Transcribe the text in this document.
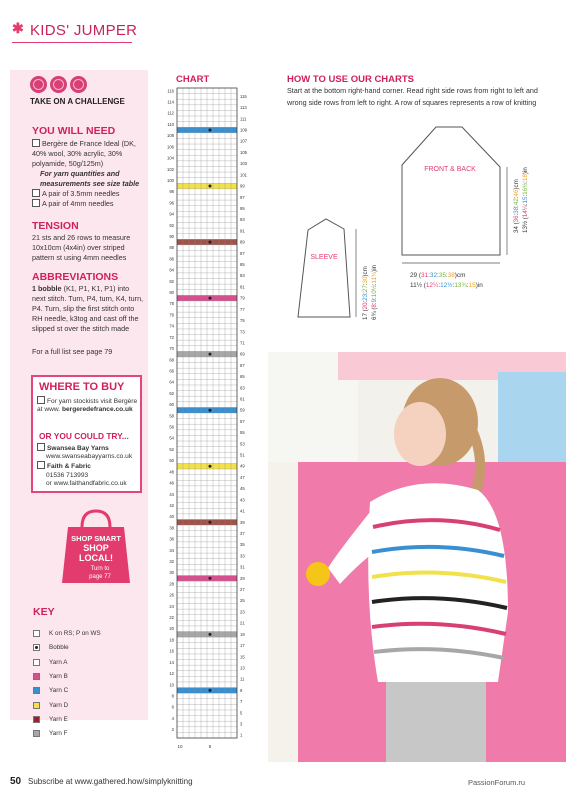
✱ KIDS' JUMPER
TAKE ON A CHALLENGE
YOU WILL NEED
Bergère de France Ideal (DK, 40% wool, 30% acrylic, 30% polyamide, 50g/125m)
For yarn quantities and measurements see size table
A pair of 3.5mm needles
A pair of 4mm needles
TENSION
21 sts and 26 rows to measure 10x10cm (4x4in) over striped pattern st using 4mm needles
ABBREVIATIONS
1 bobble (K1, P1, K1, P1) into next stitch. Turn, P4, turn, K4, turn, P4. Turn, slip the first stitch onto RH needle, k3tog and cast off the slipped st over the stitch made
For a full list see page 79
WHERE TO BUY
For yarn stockists visit Bergère at www. bergeredefrance.co.uk
OR YOU COULD TRY...
Swansea Bay Yarns
www.swanseabayyarns.co.uk
Faith & Fabric
01536 713993
or www.faithandfabric.co.uk
SHOP SMART
SHOP
LOCAL!
Turn to
page 77
KEY
K on RS; P on WS
Bobble
Yarn A
Yarn B
Yarn C
Yarn D
Yarn E
Yarn F
CHART
1
2
3
4
5
6
7
8
9
10
11
12
13
14
15
16
17
18
19
20
21
22
23
24
25
26
27
28
29
30
31
32
33
34
35
36
37
38
39
40
41
42
43
44
45
46
47
48
49
50
51
52
53
54
55
56
57
58
59
60
61
62
63
64
65
66
67
68
69
70
71
72
73
74
75
76
77
78
79
80
81
82
83
84
85
86
87
88
89
90
91
92
93
94
95
96
97
98
99
100
101
102
103
104
105
106
107
108
109
110
111
112
113
114
115
116
10	5
HOW TO USE OUR CHARTS
Start at the bottom right-hand corner. Read right side rows from right to left and wrong side rows from left to right. A row of squares represents a row of knitting
FRONT & BACK
29 (31:32:35:38)cm
11½ (12¼:12½:13¾:15)in
34 (36:38:42:46)cm
13½ (14¼:15:16½:18)in
SLEEVE
17 (20:23:27:30)cm
6¾ (8:9:10½:11¾)in
50 Subscribe at www.gathered.how/simplyknitting	PassionForum.ru
